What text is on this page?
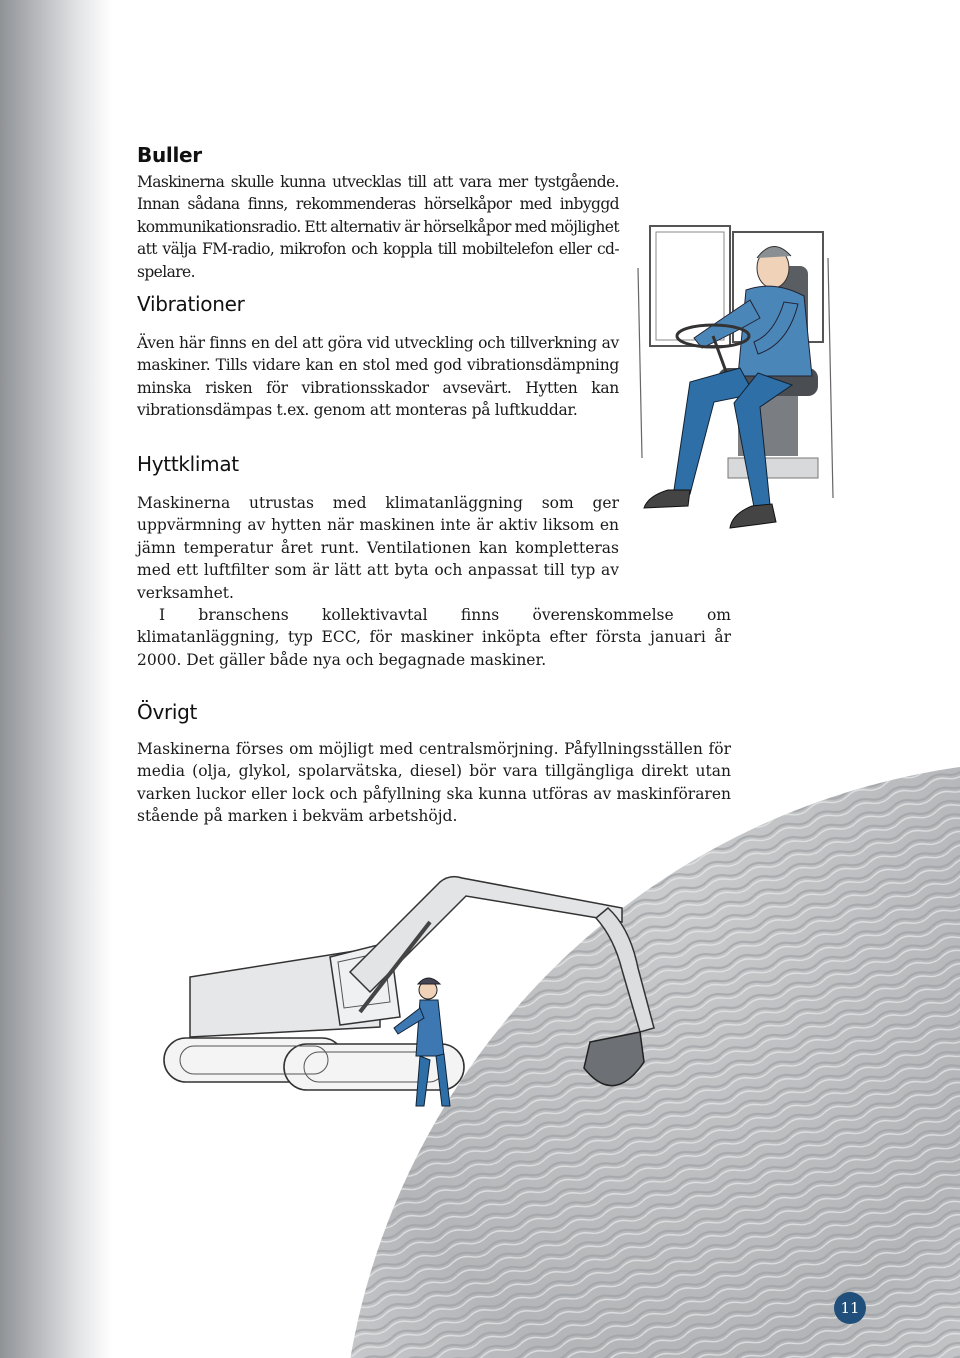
Buller

Maskinerna skulle kunna utvecklas till att vara mer tystgående. Innan sådana finns, rekommenderas hörselkåpor med inbyggd kommunikationsradio. Ett alternativ är hörselkåpor med möjlighet att välja FM-radio, mikrofon och koppla till mobiltelefon eller cd-spelare.

Vibrationer

Även här finns en del att göra vid utveckling och tillverkning av maskiner. Tills vidare kan en stol med god vibrationsdämpning minska risken för vibrationsskador avsevärt. Hytten kan vibrationsdämpas t.ex. genom att monteras på luftkuddar.

Hyttklimat

Maskinerna utrustas med klimatanläggning som ger uppvärmning av hytten när maskinen inte är aktiv liksom en jämn temperatur året runt. Ventilationen kan kompletteras med ett luftfilter som är lätt att byta och anpassat till typ av verksamhet.

I branschens kollektivavtal finns överenskommelse om klimatanläggning, typ ECC, för maskiner inköpta efter första januari år 2000. Det gäller både nya och begagnade maskiner.

Övrigt

Maskinerna förses om möjligt med centralsmörjning. Påfyllningsställen för media (olja, glykol, spolarvätska, diesel) bör vara tillgängliga direkt utan varken luckor eller lock och påfyllning ska kunna utföras av maskinföraren stående på marken i bekväm arbetshöjd.

11
